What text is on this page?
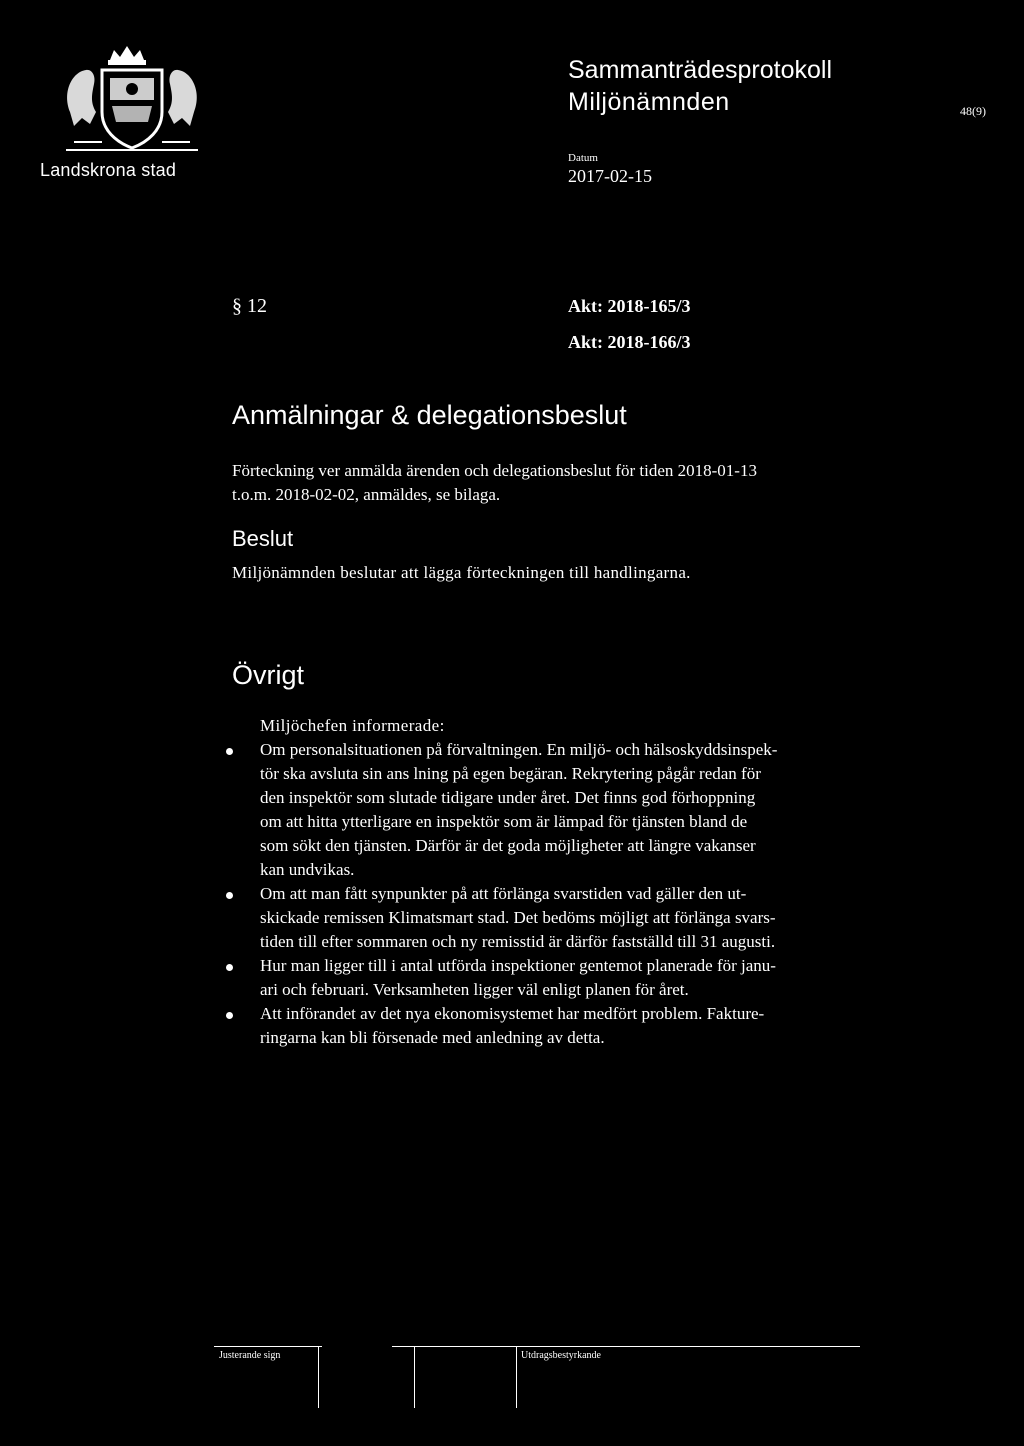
Landskrona stad
Sammanträdesprotokoll
Miljönämnden	48(9)
Datum
2017-02-15
§ 12	Akt: 2018-165/3
Akt: 2018-166/3
Anmälningar & delegationsbeslut
Förteckning ver anmälda ärenden och delegationsbeslut för tiden 2018-01-13
t.o.m. 2018-02-02, anmäldes, se bilaga.
Beslut
Miljönämnden beslutar att lägga förteckningen till handlingarna.
Övrigt
Miljöchefen informerade:
Om personalsituationen på förvaltningen. En miljö- och hälsoskyddsinspek-
tör ska avsluta sin ans lning på egen begäran. Rekrytering pågår redan för
den inspektör som slutade tidigare under året. Det finns god förhoppning
om att hitta ytterligare en inspektör som är lämpad för tjänsten bland de
som sökt den tjänsten. Därför är det goda möjligheter att längre vakanser
kan undvikas.
Om att man fått synpunkter på att förlänga svarstiden vad gäller den ut-
skickade remissen Klimatsmart stad. Det bedöms möjligt att förlänga svars-
tiden till efter sommaren och ny remisstid är därför fastställd till 31 augusti.
Hur man ligger till i antal utförda inspektioner gentemot planerade för janu-
ari och februari. Verksamheten ligger väl enligt planen för året.
Att införandet av det nya ekonomisystemet har medfört problem. Fakture-
ringarna kan bli försenade med anledning av detta.
Justerande sign	Utdragsbestyrkande
